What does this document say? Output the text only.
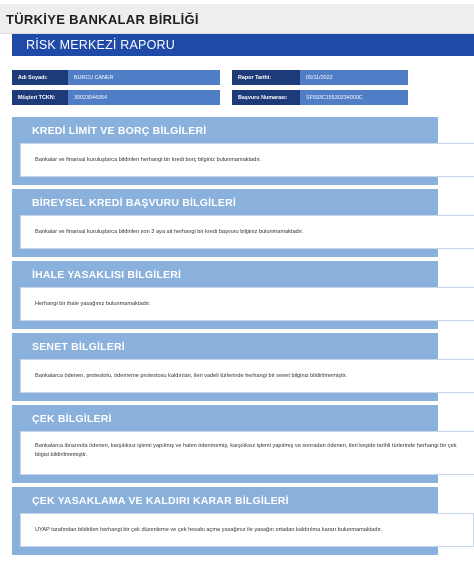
TÜRKİYE BANKALAR BİRLİĞİ
RİSK MERKEZİ RAPORU
Adı Soyadı:	BURCU CANER	Rapor Tarihi:	05/11/2022
Müşteri TCKN:	30023044354	Başvuru Numarası:	SF593C15530234000C
KREDİ LİMİT VE BORÇ BİLGİLERİ
Bankalar ve finansal kuruluşlarca bildirilen herhangi bir kredi borç bilginiz bulunmamaktadır.
BİREYSEL KREDİ BAŞVURU BİLGİLERİ
Bankalar ve finansal kuruluşlarca bildirilen son 3 aya ait herhangi bir kredi başvuru bilginiz bulunmamaktadır.
İHALE YASAKLISI BİLGİLERİ
Herhangi bir ihale yasağınız bulunmamaktadır.
SENET BİLGİLERİ
Bankalarca ödenen, protestolu, ödememe protestosu kaldırılan, ileri vadeli türlerinde herhangi bir senet bilginiz bildirilmemiştir.
ÇEK BİLGİLERİ
Bankalarca ibrazında ödenen, karşılıksız işlemi yapılmış ve halen ödenmemiş, karşılıksız işlemi yapılmış ve sonradan ödenen, ileri keşide tarihli türlerinde herhangi bir çek bilgisi bildirilmemiştir.
ÇEK YASAKLAMA VE KALDIRI KARAR BİLGİLERİ
UYAP tarafından bildirilen herhangi bir çek düzenleme ve çek hesabı açma yasağınız ile yasağın ortadan kaldırılma kararı bulunmamaktadır.
